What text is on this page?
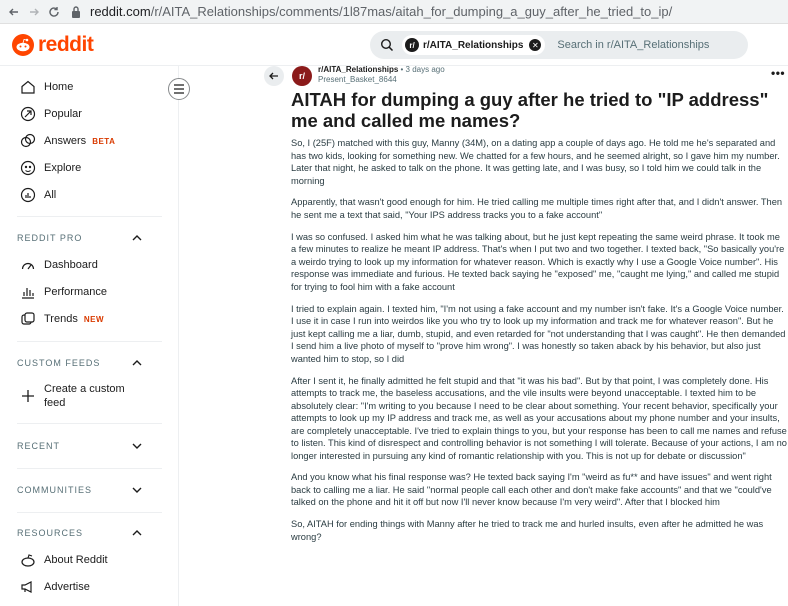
reddit.com /r/AITA_Relationships/comments/1l87mas/aitah_for_dumping_a_guy_after_he_tried_to_ip/
reddit	r/ r/AITA_Relationships	✕ Search in r/AITA_Relationships
Home
Popular
Answers BETA
Explore
All
REDDIT PRO
Dashboard
Performance
Trends NEW
CUSTOM FEEDS
Create a custom
feed
RECENT
COMMUNITIES
RESOURCES
About Reddit
Advertise
r/
r/AITA_Relationships • 3 days ago
Present_Basket_8644	•••
AITAH for dumping a guy after he tried to "IP address" me and called me names?

So, I (25F) matched with this guy, Manny (34M), on a dating app a couple of days ago. He told me he's separated and has two kids, looking for something new. We chatted for a few hours, and he seemed alright, so I gave him my number. Later that night, he asked to talk on the phone. It was getting late, and I was busy, so I told him we could talk in the morning

Apparently, that wasn't good enough for him. He tried calling me multiple times right after that, and I didn't answer. Then he sent me a text that said, "Your IPS address tracks you to a fake account"

I was so confused. I asked him what he was talking about, but he just kept repeating the same weird phrase. It took me a few minutes to realize he meant IP address. That's when I put two and two together. I texted back, "So basically you're a weirdo trying to look up my information for whatever reason. Which is exactly why I use a Google Voice number". His response was immediate and furious. He texted back saying he "exposed" me, "caught me lying," and called me stupid for trying to fool him with a fake account

I tried to explain again. I texted him, "I'm not using a fake account and my number isn't fake. It's a Google Voice number. I use it in case I run into weirdos like you who try to look up my information and track me for whatever reason". But he just kept calling me a liar, dumb, stupid, and even retarded for "not understanding that I was caught". He then demanded I send him a live photo of myself to "prove him wrong". I was honestly so taken aback by his behavior, but also just wanted him to stop, so I did

After I sent it, he finally admitted he felt stupid and that "it was his bad". But by that point, I was completely done. His attempts to track me, the baseless accusations, and the vile insults were beyond unacceptable. I texted him to be absolutely clear: "I'm writing to you because I need to be clear about something. Your recent behavior, specifically your attempts to look up my IP address and track me, as well as your accusations about my phone number and your insults, are completely unacceptable. I've tried to explain things to you, but your response has been to call me names and refuse to listen. This kind of disrespect and controlling behavior is not something I will tolerate. Because of your actions, I am no longer interested in pursuing any kind of romantic relationship with you. This is not up for debate or discussion"

And you know what his final response was? He texted back saying I'm "weird as fu** and have issues" and went right back to calling me a liar. He said "normal people call each other and don't make fake accounts" and that we "could've talked on the phone and hit it off but now I'll never know because I'm very weird". After that I blocked him

So, AITAH for ending things with Manny after he tried to track me and hurled insults, even after he admitted he was wrong?
